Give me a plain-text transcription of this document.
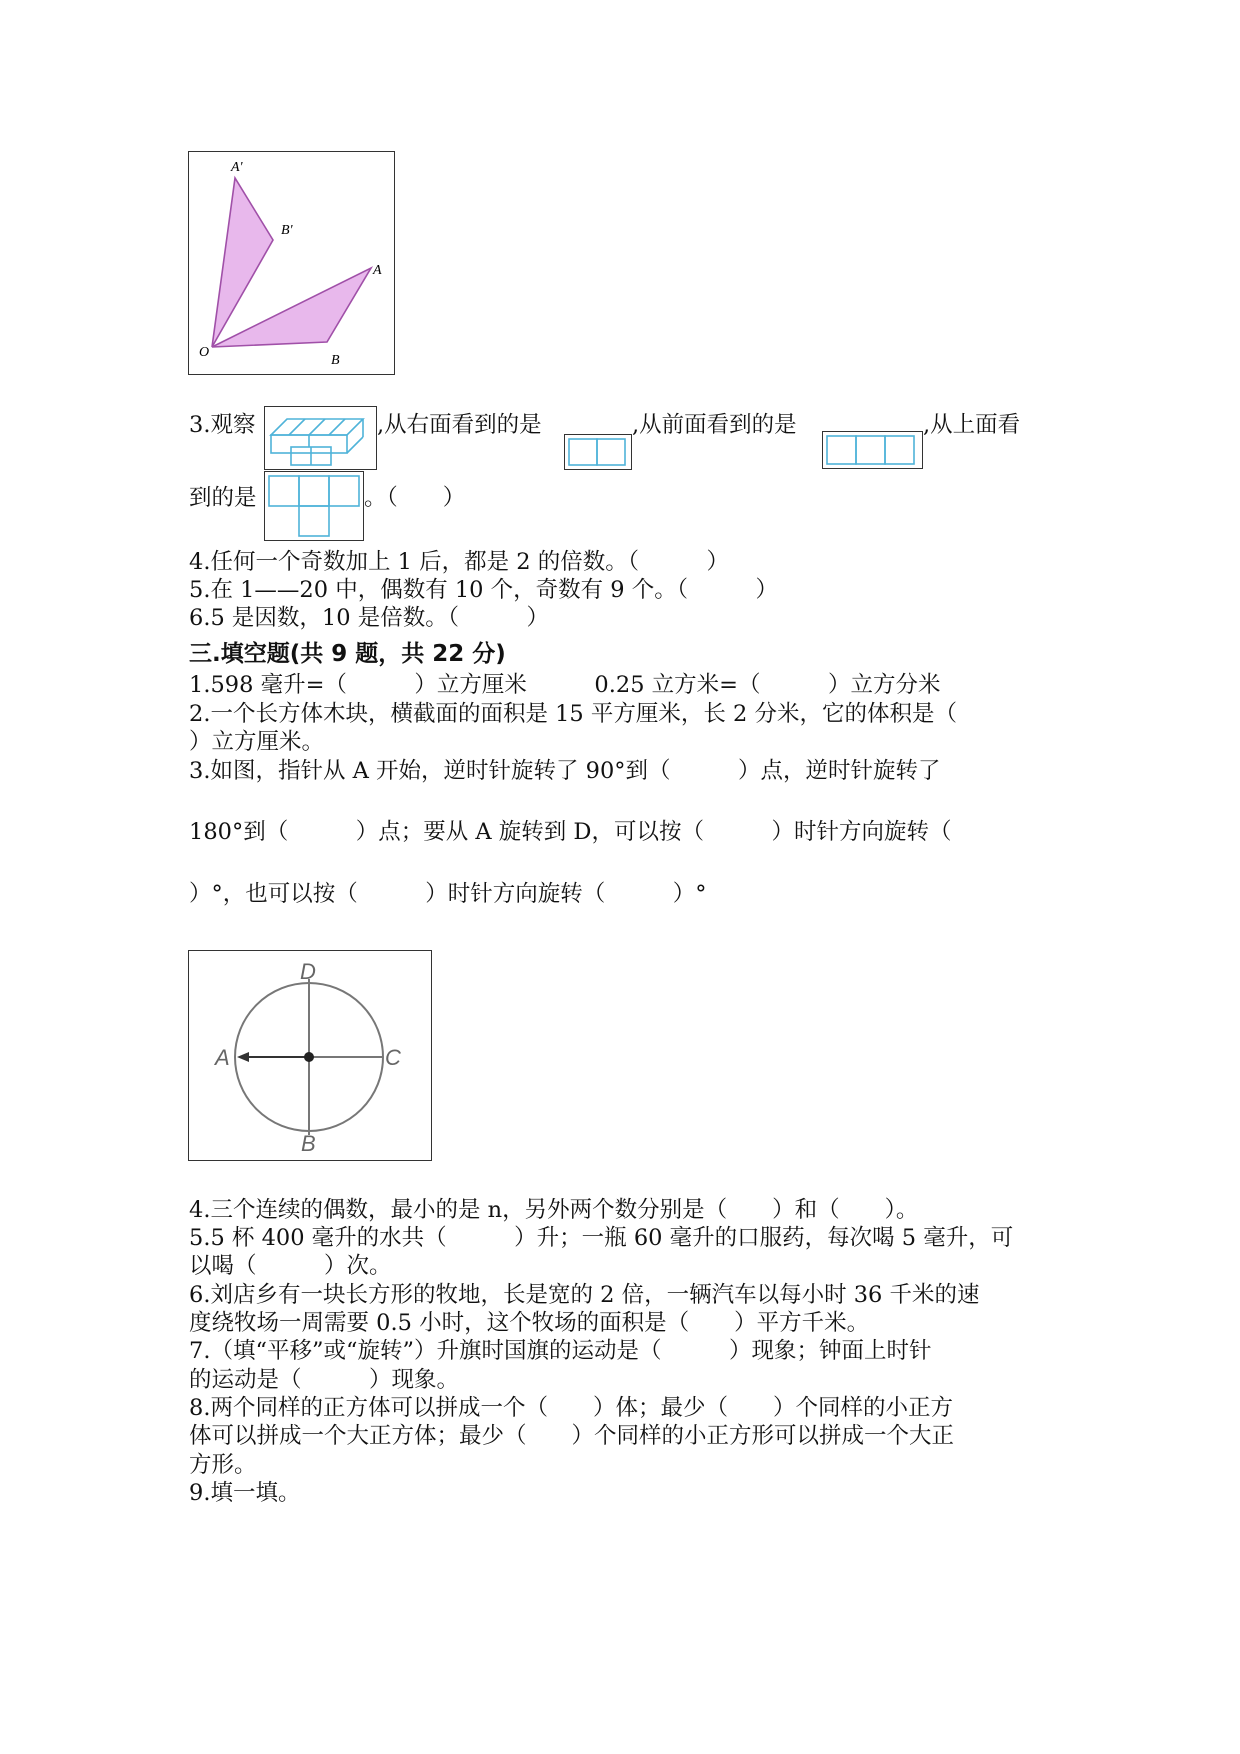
A'
B'
A
O
B

3.观察	,从右面看到的是	,从前面看到的是	,从上面看

到的是	。（　　）

4.任何一个奇数加上 1 后，都是 2 的倍数。（　　　）

5.在 1——20 中，偶数有 10 个，奇数有 9 个。（　　　）

6.5 是因数，10 是倍数。（　　　）

三.填空题(共 9 题，共 22 分)

1.598 毫升=（　　　）立方厘米　　　0.25 立方米=（　　　）立方分米

2.一个长方体木块，横截面的面积是 15 平方厘米，长 2 分米，它的体积是（

）立方厘米。

3.如图，指针从 A 开始，逆时针旋转了 90°到（　　　）点，逆时针旋转了

180°到（　　　）点；要从 A 旋转到 D，可以按（　　　）时针方向旋转（

）°，也可以按（　　　）时针方向旋转（　　　）°

D
A	C
B

4.三个连续的偶数，最小的是 n，另外两个数分别是（　　）和（　　）。

5.5 杯 400 毫升的水共（　　　）升；一瓶 60 毫升的口服药，每次喝 5 毫升，可

以喝（　　　）次。

6.刘店乡有一块长方形的牧地，长是宽的 2 倍，一辆汽车以每小时 36 千米的速

度绕牧场一周需要 0.5 小时，这个牧场的面积是（　　）平方千米。

7.（填“平移”或“旋转”）升旗时国旗的运动是（　　　）现象；钟面上时针

的运动是（　　　）现象。

8.两个同样的正方体可以拼成一个（　　）体；最少（　　）个同样的小正方

体可以拼成一个大正方体；最少（　　）个同样的小正方形可以拼成一个大正

方形。

9.填一填。
